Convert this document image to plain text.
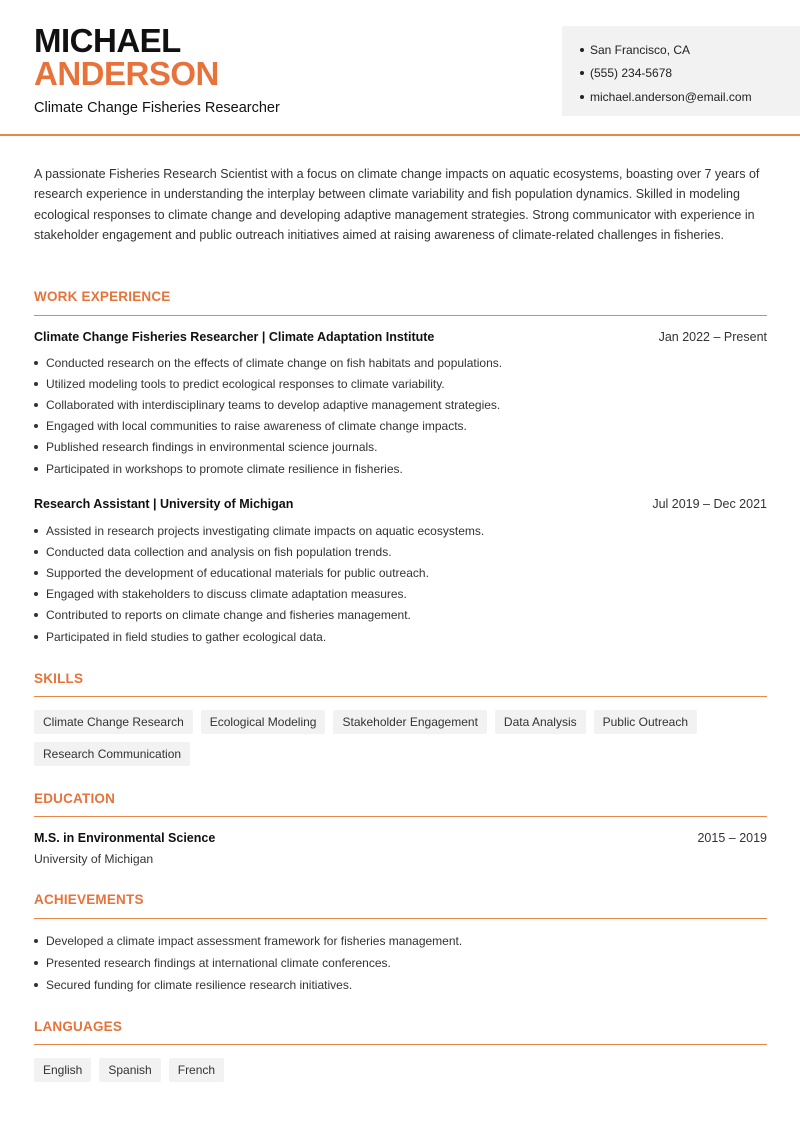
MICHAEL
ANDERSON
Climate Change Fisheries Researcher
San Francisco, CA
(555) 234-5678
michael.anderson@email.com

A passionate Fisheries Research Scientist with a focus on climate change impacts on aquatic ecosystems, boasting over 7 years of research experience in understanding the interplay between climate variability and fish population dynamics. Skilled in modeling ecological responses to climate change and developing adaptive management strategies. Strong communicator with experience in stakeholder engagement and public outreach initiatives aimed at raising awareness of climate-related challenges in fisheries.

WORK EXPERIENCE
Climate Change Fisheries Researcher | Climate Adaptation Institute	Jan 2022 – Present
Conducted research on the effects of climate change on fish habitats and populations.
Utilized modeling tools to predict ecological responses to climate variability.
Collaborated with interdisciplinary teams to develop adaptive management strategies.
Engaged with local communities to raise awareness of climate change impacts.
Published research findings in environmental science journals.
Participated in workshops to promote climate resilience in fisheries.
Research Assistant | University of Michigan	Jul 2019 – Dec 2021
Assisted in research projects investigating climate impacts on aquatic ecosystems.
Conducted data collection and analysis on fish population trends.
Supported the development of educational materials for public outreach.
Engaged with stakeholders to discuss climate adaptation measures.
Contributed to reports on climate change and fisheries management.
Participated in field studies to gather ecological data.
SKILLS
Climate Change Research	Ecological Modeling	Stakeholder Engagement	Data Analysis	Public Outreach
Research Communication
EDUCATION
M.S. in Environmental Science	2015 – 2019
University of Michigan
ACHIEVEMENTS
Developed a climate impact assessment framework for fisheries management.
Presented research findings at international climate conferences.
Secured funding for climate resilience research initiatives.
LANGUAGES
English	Spanish	French
